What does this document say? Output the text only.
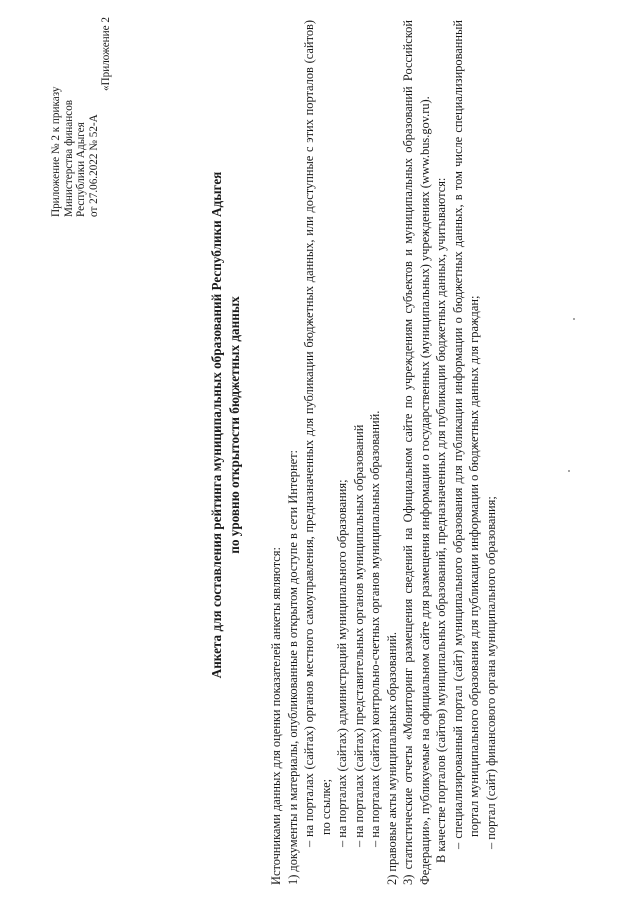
Приложение № 2 к приказу Министерства финансов Республики Адыгея от 27.06.2022 № 52-А
«Приложение 2
Анкета для составления рейтинга муниципальных образований Республики Адыгея по уровню открытости бюджетных данных
Источниками данных для оценки показателей анкеты являются: 1) документы и материалы, опубликованные в открытом доступе в сети Интернет: – на порталах (сайтах) органов местного самоуправления, предназначенных для публикации бюджетных данных, или доступные с этих порталов (сайтов) по ссылке; – на порталах (сайтах) администраций муниципального образования; – на порталах (сайтах) представительных органов муниципальных образований – на порталах (сайтах) контрольно-счетных органов муниципальных образований. 2) правовые акты муниципальных образований. 3) статистические отчеты «Мониторинг размещения сведений на Официальном сайте по учреждениям субъектов и муниципальных образований Российской Федерации», публикуемые на официальном сайте для размещения информации о государственных (муниципальных) учреждениях (www.bus.gov.ru). В качестве порталов (сайтов) муниципальных образований, предназначенных для публикации бюджетных данных, учитываются: – специализированный портал (сайт) муниципального образования для публикации информации о бюджетных данных, в том числе специализированный портал муниципального образования для публикации информации о бюджетных данных для граждан; – портал (сайт) финансового органа муниципального образования;
